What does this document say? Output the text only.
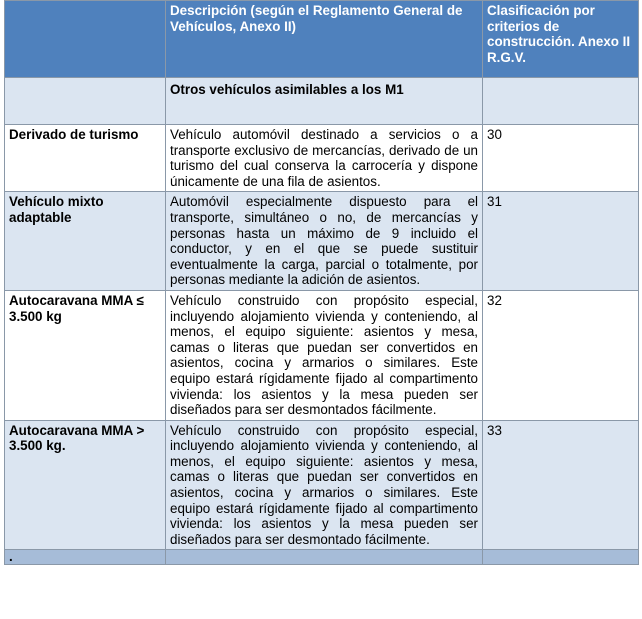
	Descripción (según el Reglamento General de Vehículos, Anexo II)	Clasificación por criterios de construcción. Anexo II R.G.V.
	Otros vehículos asimilables a los M1	
Derivado de turismo	Vehículo automóvil destinado a servicios o a transporte exclusivo de mercancías, derivado de un turismo del cual conserva la carrocería y dispone únicamente de una fila de asientos.	30
Vehículo mixto adaptable	Automóvil especialmente dispuesto para el transporte, simultáneo o no, de mercancías y personas hasta un máximo de 9 incluido el conductor, y en el que se puede sustituir eventualmente la carga, parcial o totalmente, por personas mediante la adición de asientos.	31
Autocaravana MMA ≤ 3.500 kg	Vehículo construido con propósito especial, incluyendo alojamiento vivienda y conteniendo, al menos, el equipo siguiente: asientos y mesa, camas o literas que puedan ser convertidos en asientos, cocina y armarios o similares. Este equipo estará rígidamente fijado al compartimento vivienda: los asientos y la mesa pueden ser diseñados para ser desmontados fácilmente.	32
Autocaravana MMA > 3.500 kg.	Vehículo construido con propósito especial, incluyendo alojamiento vivienda y conteniendo, al menos, el equipo siguiente: asientos y mesa, camas o literas que puedan ser convertidos en asientos, cocina y armarios o similares. Este equipo estará rígidamente fijado al compartimento vivienda: los asientos y la mesa pueden ser diseñados para ser desmontado fácilmente.	33
.		
